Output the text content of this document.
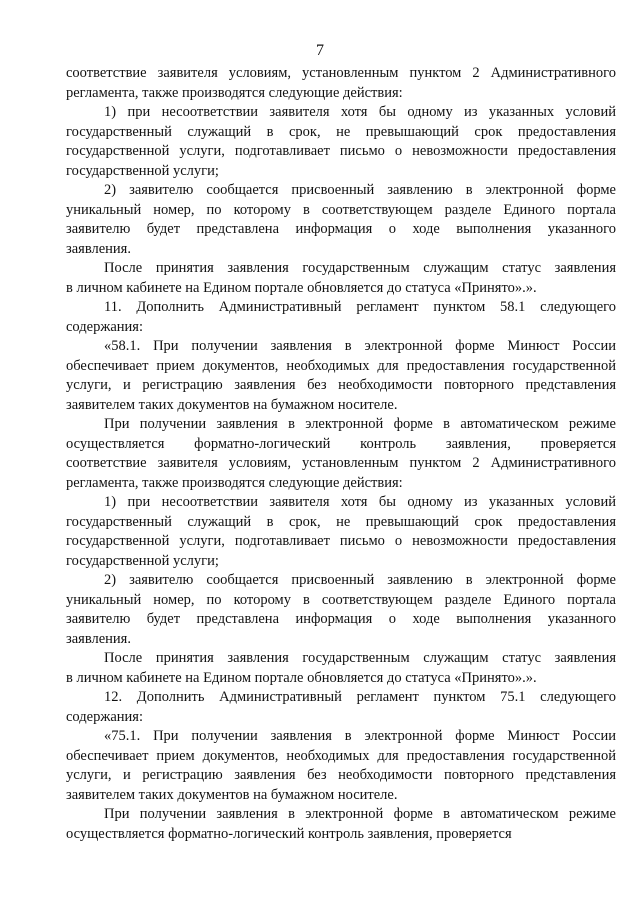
7

соответствие заявителя условиям, установленным пунктом 2 Административного
регламента, также производятся следующие действия:

1) при несоответствии заявителя хотя бы одному из указанных условий
государственный служащий в срок, не превышающий срок предоставления
государственной услуги, подготавливает письмо о невозможности предоставления
государственной услуги;

2) заявителю сообщается присвоенный заявлению в электронной форме
уникальный номер, по которому в соответствующем разделе Единого портала
заявителю будет представлена информация о ходе выполнения указанного
заявления.

После принятия заявления государственным служащим статус заявления
в личном кабинете на Едином портале обновляется до статуса «Принято».».

11. Дополнить Административный регламент пунктом 58.1 следующего
содержания:

«58.1. При получении заявления в электронной форме Минюст России
обеспечивает прием документов, необходимых для предоставления государственной
услуги, и регистрацию заявления без необходимости повторного представления
заявителем таких документов на бумажном носителе.

При получении заявления в электронной форме в автоматическом режиме
осуществляется форматно-логический контроль заявления, проверяется
соответствие заявителя условиям, установленным пунктом 2 Административного
регламента, также производятся следующие действия:

1) при несоответствии заявителя хотя бы одному из указанных условий
государственный служащий в срок, не превышающий срок предоставления
государственной услуги, подготавливает письмо о невозможности предоставления
государственной услуги;

2) заявителю сообщается присвоенный заявлению в электронной форме
уникальный номер, по которому в соответствующем разделе Единого портала
заявителю будет представлена информация о ходе выполнения указанного
заявления.

После принятия заявления государственным служащим статус заявления
в личном кабинете на Едином портале обновляется до статуса «Принято».».

12. Дополнить Административный регламент пунктом 75.1 следующего
содержания:

«75.1. При получении заявления в электронной форме Минюст России
обеспечивает прием документов, необходимых для предоставления государственной
услуги, и регистрацию заявления без необходимости повторного представления
заявителем таких документов на бумажном носителе.

При получении заявления в электронной форме в автоматическом режиме
осуществляется форматно-логический контроль заявления, проверяется
